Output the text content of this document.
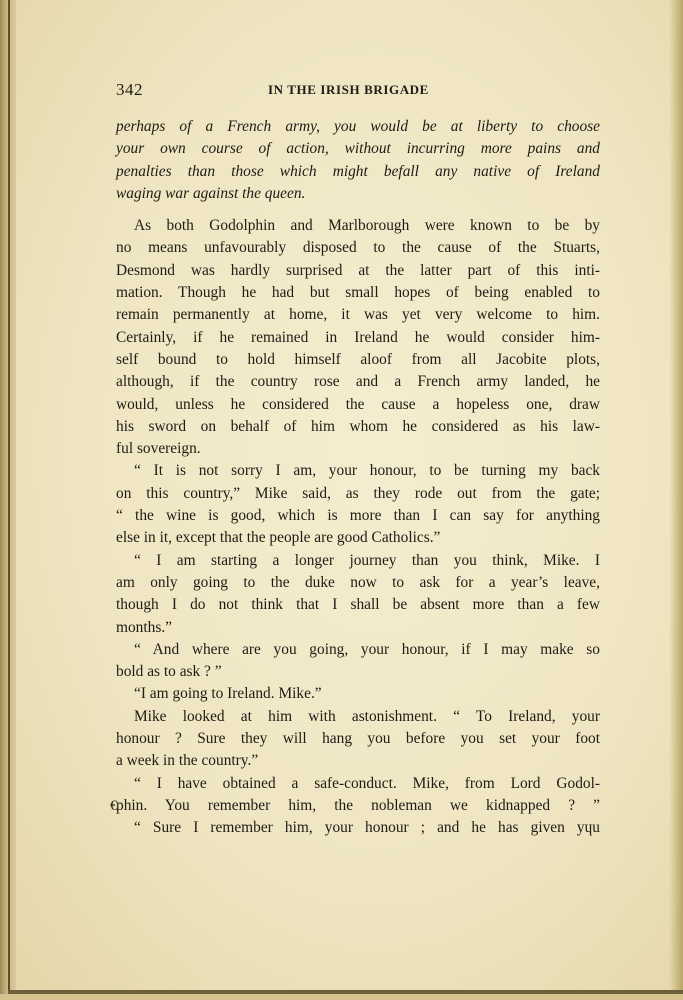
342	IN THE IRISH BRIGADE
€
perhaps of a French army, you would be at liberty to choose
your own course of action, without incurring more pains and
penalties than those which might befall any native of Ireland
waging war against the queen.
As both Godolphin and Marlborough were known to be by
no means unfavourably disposed to the cause of the Stuarts,
Desmond was hardly surprised at the latter part of this inti-
mation. Though he had but small hopes of being enabled to
remain permanently at home, it was yet very welcome to him.
Certainly, if he remained in Ireland he would consider him-
self bound to hold himself aloof from all Jacobite plots,
although, if the country rose and a French army landed, he
would, unless he considered the cause a hopeless one, draw
his sword on behalf of him whom he considered as his law-
ful sovereign.
“ It is not sorry I am, your honour, to be turning my back
on this country,” Mike said, as they rode out from the gate;
“ the wine is good, which is more than I can say for anything
else in it, except that the people are good Catholics.”
“ I am starting a longer journey than you think, Mike. I
am only going to the duke now to ask for a year’s leave,
though I do not think that I shall be absent more than a few
months.”
“ And where are you going, your honour, if I may make so
bold as to ask ? ”
“I am going to Ireland. Mike.”
Mike looked at him with astonishment. “ To Ireland, your
honour ? Sure they will hang you before you set your foot
a week in the country.”
“ I have obtained a safe-conduct. Mike, from Lord Godol-
phin. You remember him, the nobleman we kidnapped ? ”
“ Sure I remember him, your honour ; and he has given yɥu
